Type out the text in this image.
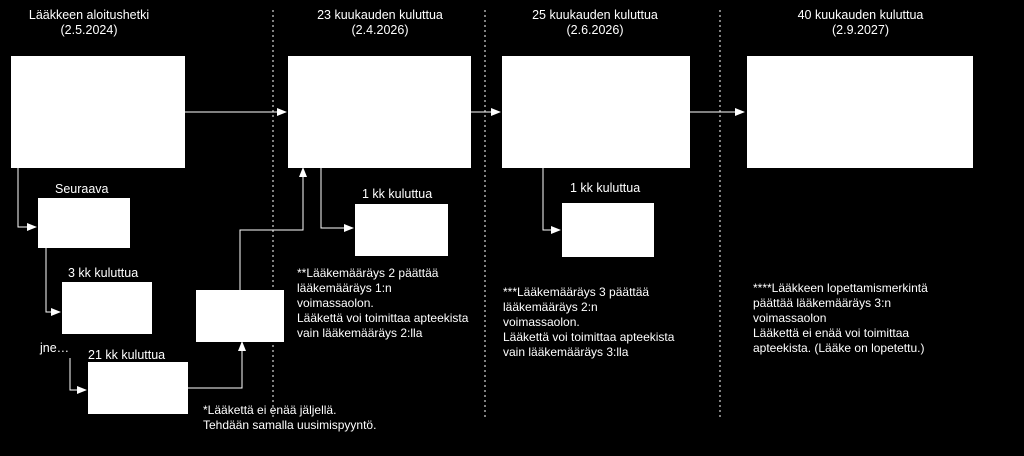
Lääkkeen aloitushetki
(2.5.2024)
23 kuukauden kuluttua
(2.4.2026)
25 kuukauden kuluttua
(2.6.2026)
40 kuukauden kuluttua
(2.9.2027)
Seuraava
3 kk kuluttua
jne… 21 kk kuluttua
1 kk kuluttua	1 kk kuluttua
*Lääkettä ei enää jäljellä.
Tehdään samalla uusimispyyntö.
**Lääkemääräys 2 päättää
lääkemääräys 1:n
voimassaolon.
Lääkettä voi toimittaa apteekista
vain lääkemääräys 2:lla
***Lääkemääräys 3 päättää
lääkemääräys 2:n
voimassaolon.
Lääkettä voi toimittaa apteekista
vain lääkemääräys 3:lla
****Lääkkeen lopettamismerkintä
päättää lääkemääräys 3:n
voimassaolon
Lääkettä ei enää voi toimittaa
apteekista. (Lääke on lopetettu.)
